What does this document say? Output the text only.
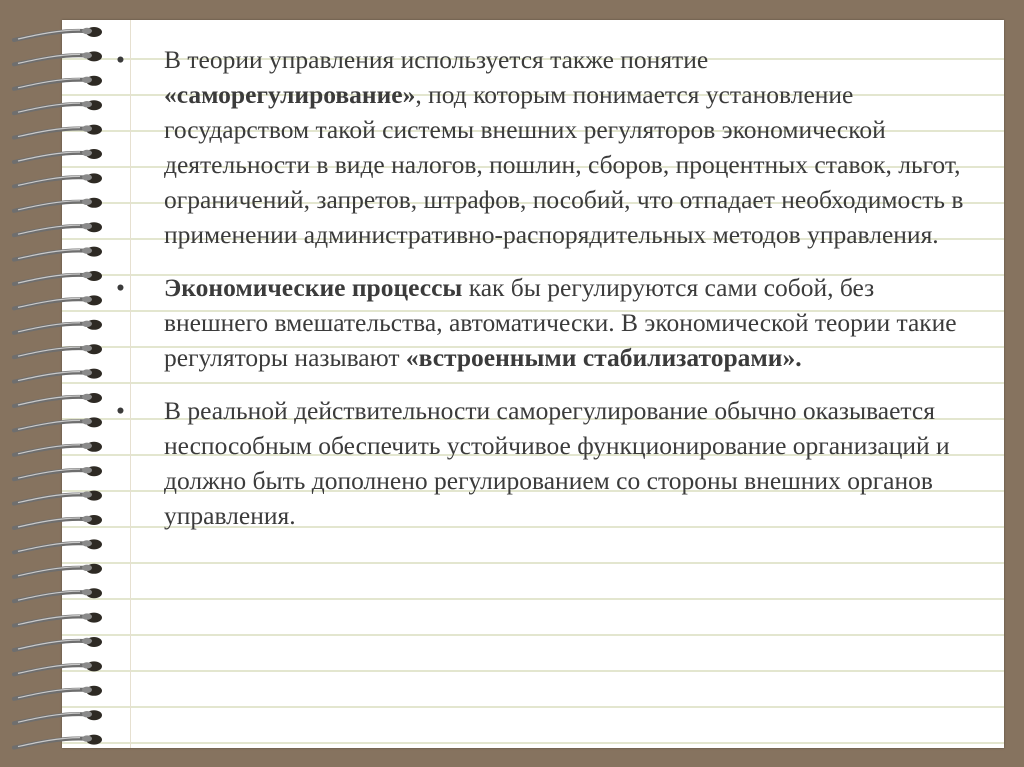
• В теории управления используется также понятие «саморегулирование», под которым понимается установление государством такой системы внешних регуляторов экономической деятельности в виде налогов, пошлин, сборов, процентных ставок, льгот, ограничений, запретов, штрафов, пособий, что отпадает необходимость в применении административно-распорядительных методов управления.
• Экономические процессы как бы регулируются сами собой, без внешнего вмешательства, автоматически. В экономической теории такие регуляторы называют «встроенными стабилизаторами».
• В реальной действительности саморегулирование обычно оказывается неспособным обеспечить устойчивое функционирование организаций и должно быть дополнено регулированием со стороны внешних органов управления.
